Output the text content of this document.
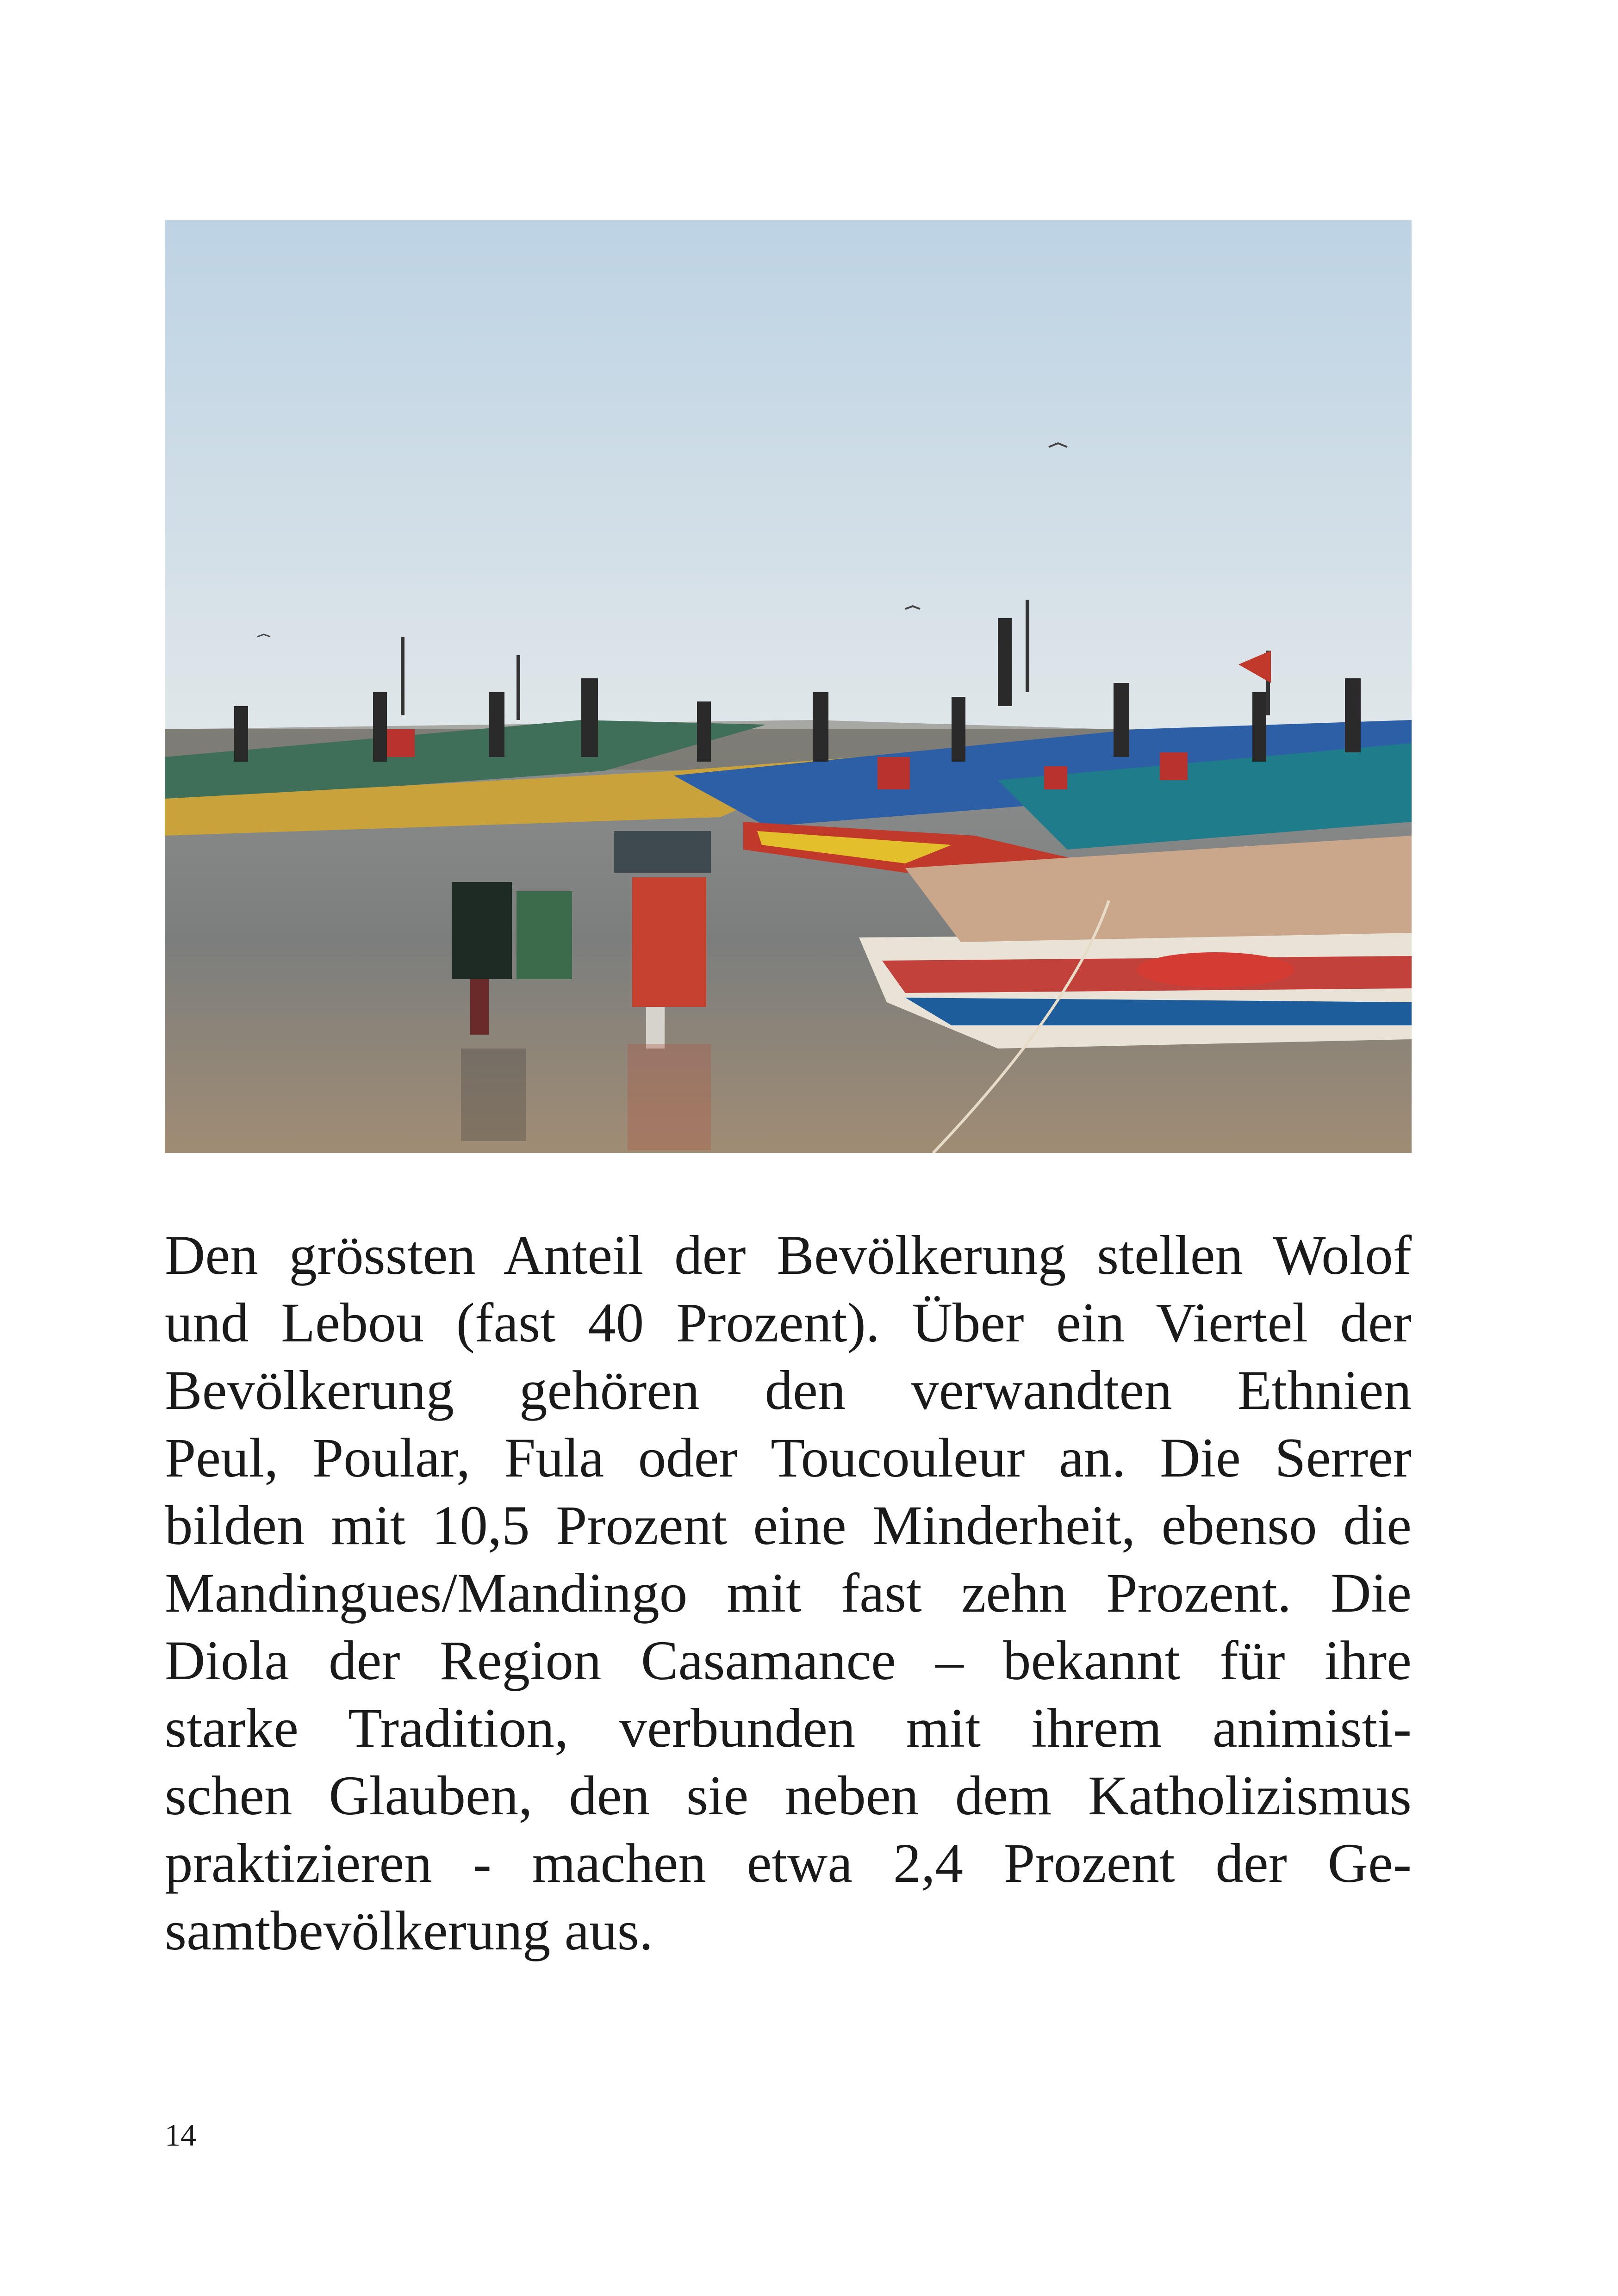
Den grössten Anteil der Bevölkerung stellen Wolof
und Lebou (fast 40 Prozent). Über ein Viertel der
Bevölkerung gehören den verwandten Ethnien
Peul, Poular, Fula oder Toucouleur an. Die Serrer
bilden mit 10,5 Prozent eine Minderheit, ebenso die
Mandingues/Mandingo mit fast zehn Prozent. Die
Diola der Region Casamance – bekannt für ihre
starke Tradition, verbunden mit ihrem animisti-
schen Glauben, den sie neben dem Katholizismus
praktizieren - machen etwa 2,4 Prozent der Ge-
samtbevölkerung aus.
14
